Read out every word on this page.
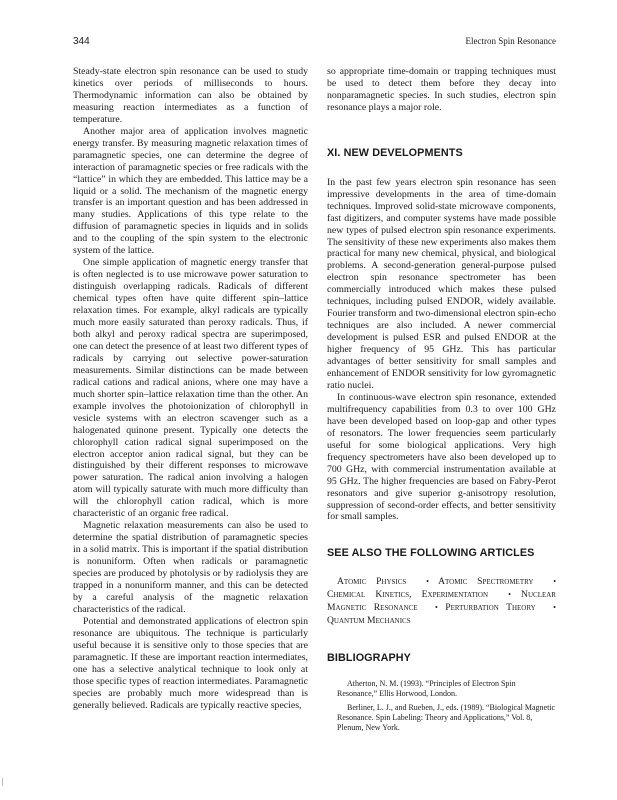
344	Electron Spin Resonance

Steady-state electron spin resonance can be used to study kinetics over periods of milliseconds to hours. Thermodynamic information can also be obtained by measuring reaction intermediates as a function of temperature.

Another major area of application involves magnetic energy transfer. By measuring magnetic relaxation times of paramagnetic species, one can determine the degree of interaction of paramagnetic species or free radicals with the “lattice” in which they are embedded. This lattice may be a liquid or a solid. The mechanism of the magnetic energy transfer is an important question and has been addressed in many studies. Applications of this type relate to the diffusion of paramagnetic species in liquids and in solids and to the coupling of the spin system to the electronic system of the lattice.

One simple application of magnetic energy transfer that is often neglected is to use microwave power saturation to distinguish overlapping radicals. Radicals of different chemical types often have quite different spin–lattice relaxation times. For example, alkyl radicals are typically much more easily saturated than peroxy radicals. Thus, if both alkyl and peroxy radical spectra are superimposed, one can detect the presence of at least two different types of radicals by carrying out selective power-saturation measurements. Similar distinctions can be made between radical cations and radical anions, where one may have a much shorter spin–lattice relaxation time than the other. An example involves the photoionization of chlorophyll in vesicle systems with an electron scavenger such as a halogenated quinone present. Typically one detects the chlorophyll cation radical signal superimposed on the electron acceptor anion radical signal, but they can be distinguished by their different responses to microwave power saturation. The radical anion involving a halogen atom will typically saturate with much more difficulty than will the chlorophyll cation radical, which is more characteristic of an organic free radical.

Magnetic relaxation measurements can also be used to determine the spatial distribution of paramagnetic species in a solid matrix. This is important if the spatial distribution is nonuniform. Often when radicals or paramagnetic species are produced by photolysis or by radiolysis they are trapped in a nonuniform manner, and this can be detected by a careful analysis of the magnetic relaxation characteristics of the radical.

Potential and demonstrated applications of electron spin resonance are ubiquitous. The technique is particularly useful because it is sensitive only to those species that are paramagnetic. If these are important reaction intermediates, one has a selective analytical technique to look only at those specific types of reaction intermediates. Paramagnetic species are probably much more widespread than is generally believed. Radicals are typically reactive species,

so appropriate time-domain or trapping techniques must be used to detect them before they decay into nonparamagnetic species. In such studies, electron spin resonance plays a major role.

XI. NEW DEVELOPMENTS

In the past few years electron spin resonance has seen impressive developments in the area of time-domain techniques. Improved solid-state microwave components, fast digitizers, and computer systems have made possible new types of pulsed electron spin resonance experiments. The sensitivity of these new experiments also makes them practical for many new chemical, physical, and biological problems. A second-generation general-purpose pulsed electron spin resonance spectrometer has been commercially introduced which makes these pulsed techniques, including pulsed ENDOR, widely available. Fourier transform and two-dimensional electron spin-echo techniques are also included. A newer commercial development is pulsed ESR and pulsed ENDOR at the higher frequency of 95 GHz. This has particular advantages of better sensitivity for small samples and enhancement of ENDOR sensitivity for low gyromagnetic ratio nuclei.

In continuous-wave electron spin resonance, extended multifrequency capabilities from 0.3 to over 100 GHz have been developed based on loop-gap and other types of resonators. The lower frequencies seem particularly useful for some biological applications. Very high frequency spectrometers have also been developed up to 700 GHz, with commercial instrumentation available at 95 GHz. The higher frequencies are based on Fabry-Perot resonators and give superior g-anisotropy resolution, suppression of second-order effects, and better sensitivity for small samples.

SEE ALSO THE FOLLOWING ARTICLES

Atomic Physics • Atomic Spectrometry • Chemical Kinetics, Experimentation	• Nuclear Magnetic Resonance • Perturbation Theory • Quantum Mechanics

BIBLIOGRAPHY

Atherton, N. M. (1993). “Principles of Electron Spin Resonance,” Ellis Horwood, London.

Berliner, L. J., and Rueben, J., eds. (1989). “Biological Magnetic Resonance. Spin Labeling: Theory and Applications,” Vol. 8, Plenum, New York.
